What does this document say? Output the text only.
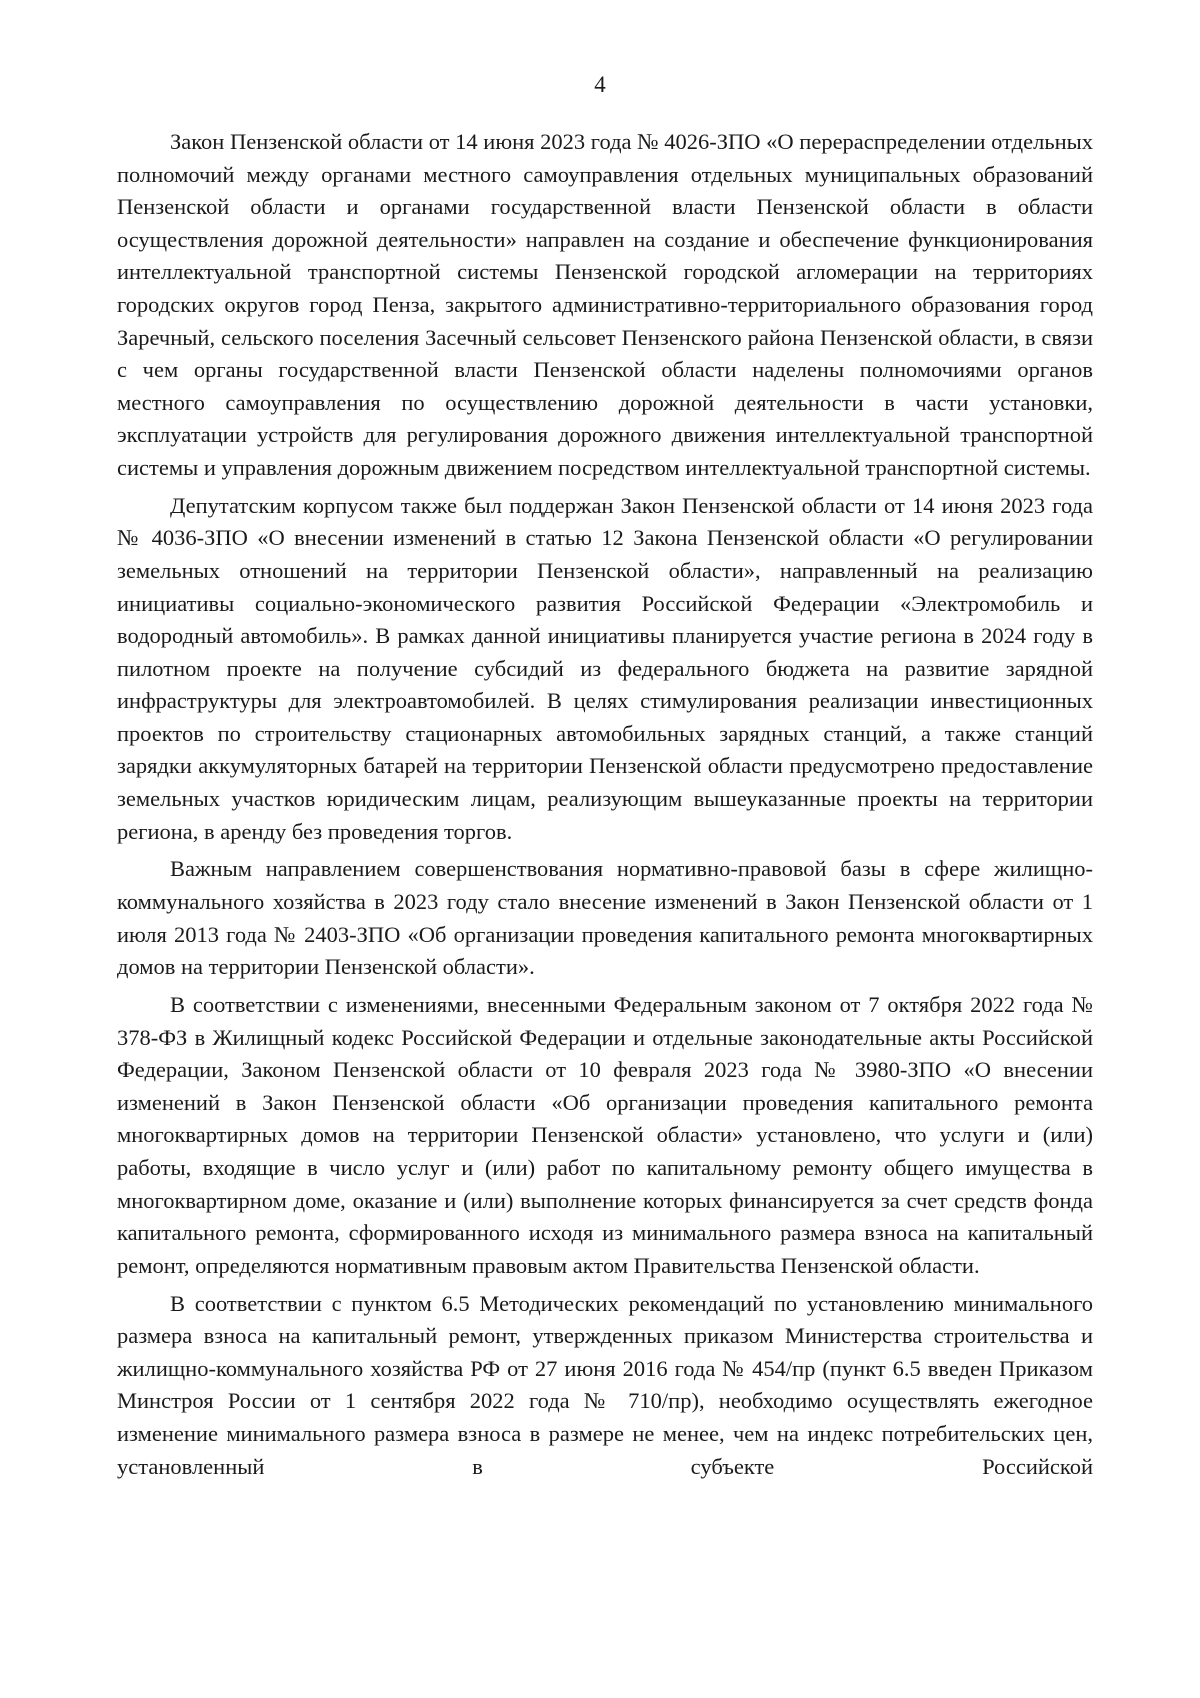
4

Закон Пензенской области от 14 июня 2023 года № 4026-ЗПО «О перераспределении отдельных полномочий между органами местного самоуправления отдельных муниципальных образований Пензенской области и органами государственной власти Пензенской области в области осуществления дорожной деятельности» направлен на создание и обеспечение функционирования интеллектуальной транспортной системы Пензенской городской агломерации на территориях городских округов город Пенза, закрытого административно-территориального образования город Заречный, сельского поселения Засечный сельсовет Пензенского района Пензенской области, в связи с чем органы государственной власти Пензенской области наделены полномочиями органов местного самоуправления по осуществлению дорожной деятельности в части установки, эксплуатации устройств для регулирования дорожного движения интеллектуальной транспортной системы и управления дорожным движением посредством интеллектуальной транспортной системы.

Депутатским корпусом также был поддержан Закон Пензенской области от 14 июня 2023 года № 4036-ЗПО «О внесении изменений в статью 12 Закона Пензенской области «О регулировании земельных отношений на территории Пензенской области», направленный на реализацию инициативы социально-экономического развития Российской Федерации «Электромобиль и водородный автомобиль». В рамках данной инициативы планируется участие региона в 2024 году в пилотном проекте на получение субсидий из федерального бюджета на развитие зарядной инфраструктуры для электроавтомобилей. В целях стимулирования реализации инвестиционных проектов по строительству стационарных автомобильных зарядных станций, а также станций зарядки аккумуляторных батарей на территории Пензенской области предусмотрено предоставление земельных участков юридическим лицам, реализующим вышеуказанные проекты на территории региона, в аренду без проведения торгов.

Важным направлением совершенствования нормативно-правовой базы в сфере жилищно-коммунального хозяйства в 2023 году стало внесение изменений в Закон Пензенской области от 1 июля 2013 года № 2403-ЗПО «Об организации проведения капитального ремонта многоквартирных домов на территории Пензенской области».

В соответствии с изменениями, внесенными Федеральным законом от 7 октября 2022 года № 378-ФЗ в Жилищный кодекс Российской Федерации и отдельные законодательные акты Российской Федерации, Законом Пензенской области от 10 февраля 2023 года № 3980-ЗПО «О внесении изменений в Закон Пензенской области «Об организации проведения капитального ремонта многоквартирных домов на территории Пензенской области» установлено, что услуги и (или) работы, входящие в число услуг и (или) работ по капитальному ремонту общего имущества в многоквартирном доме, оказание и (или) выполнение которых финансируется за счет средств фонда капитального ремонта, сформированного исходя из минимального размера взноса на капитальный ремонт, определяются нормативным правовым актом Правительства Пензенской области.

В соответствии с пунктом 6.5 Методических рекомендаций по установлению минимального размера взноса на капитальный ремонт, утвержденных приказом Министерства строительства и жилищно-коммунального хозяйства РФ от 27 июня 2016 года № 454/пр (пункт 6.5 введен Приказом Минстроя России от 1 сентября 2022 года № 710/пр), необходимо осуществлять ежегодное изменение минимального размера взноса в размере не менее, чем на индекс потребительских цен, установленный в субъекте Российской
